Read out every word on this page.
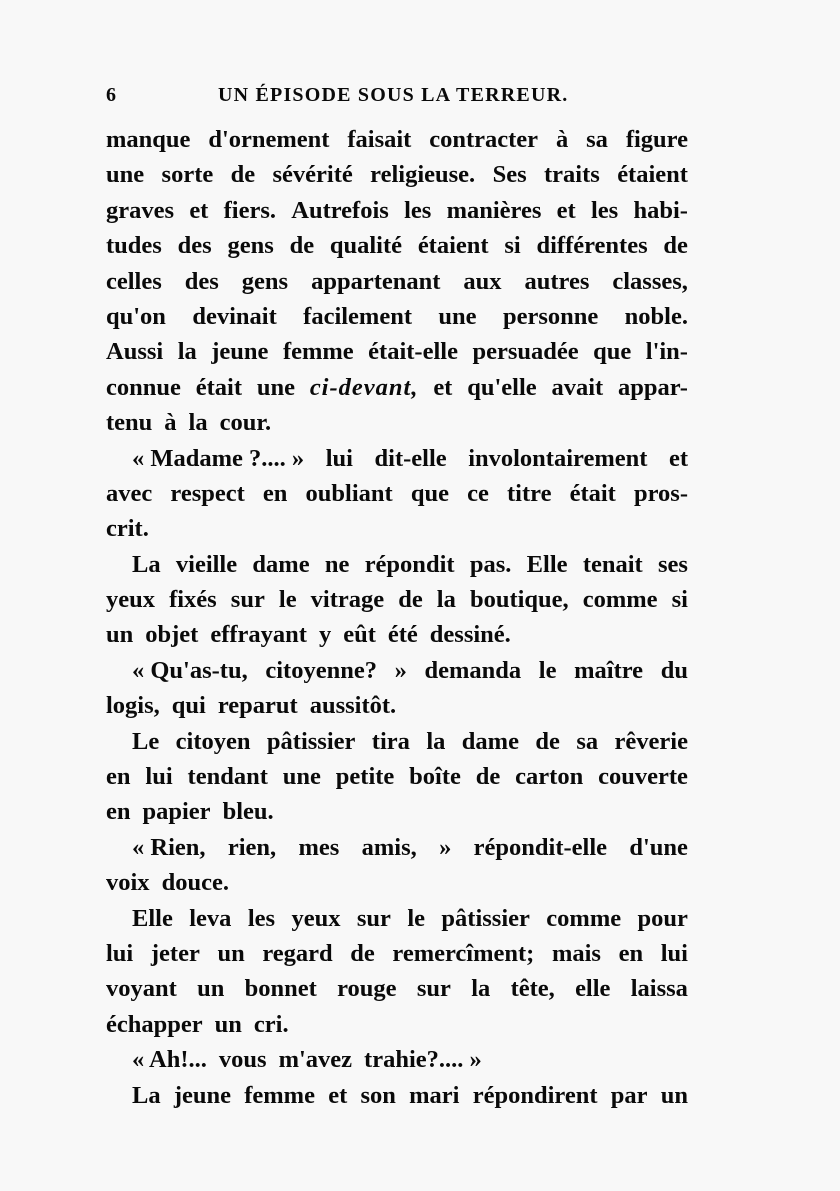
6	UN ÉPISODE SOUS LA TERREUR.
manque d'ornement faisait contracter à sa figure
une sorte de sévérité religieuse. Ses traits étaient
graves et fiers. Autrefois les manières et les habi-
tudes des gens de qualité étaient si différentes de
celles des gens appartenant aux autres classes,
qu'on devinait facilement une personne noble.
Aussi la jeune femme était-elle persuadée que l'in-
connue était une ci-devant, et qu'elle avait appar-
tenu à la cour.
« Madame ?.... » lui dit-elle involontairement et
avec respect en oubliant que ce titre était pros-
crit.
La vieille dame ne répondit pas. Elle tenait ses
yeux fixés sur le vitrage de la boutique, comme si
un objet effrayant y eût été dessiné.
« Qu'as-tu, citoyenne? » demanda le maître du
logis, qui reparut aussitôt.
Le citoyen pâtissier tira la dame de sa rêverie
en lui tendant une petite boîte de carton couverte
en papier bleu.
« Rien, rien, mes amis, » répondit-elle d'une
voix douce.
Elle leva les yeux sur le pâtissier comme pour
lui jeter un regard de remercîment; mais en lui
voyant un bonnet rouge sur la tête, elle laissa
échapper un cri.
« Ah!... vous m'avez trahie?.... »
La jeune femme et son mari répondirent par un
